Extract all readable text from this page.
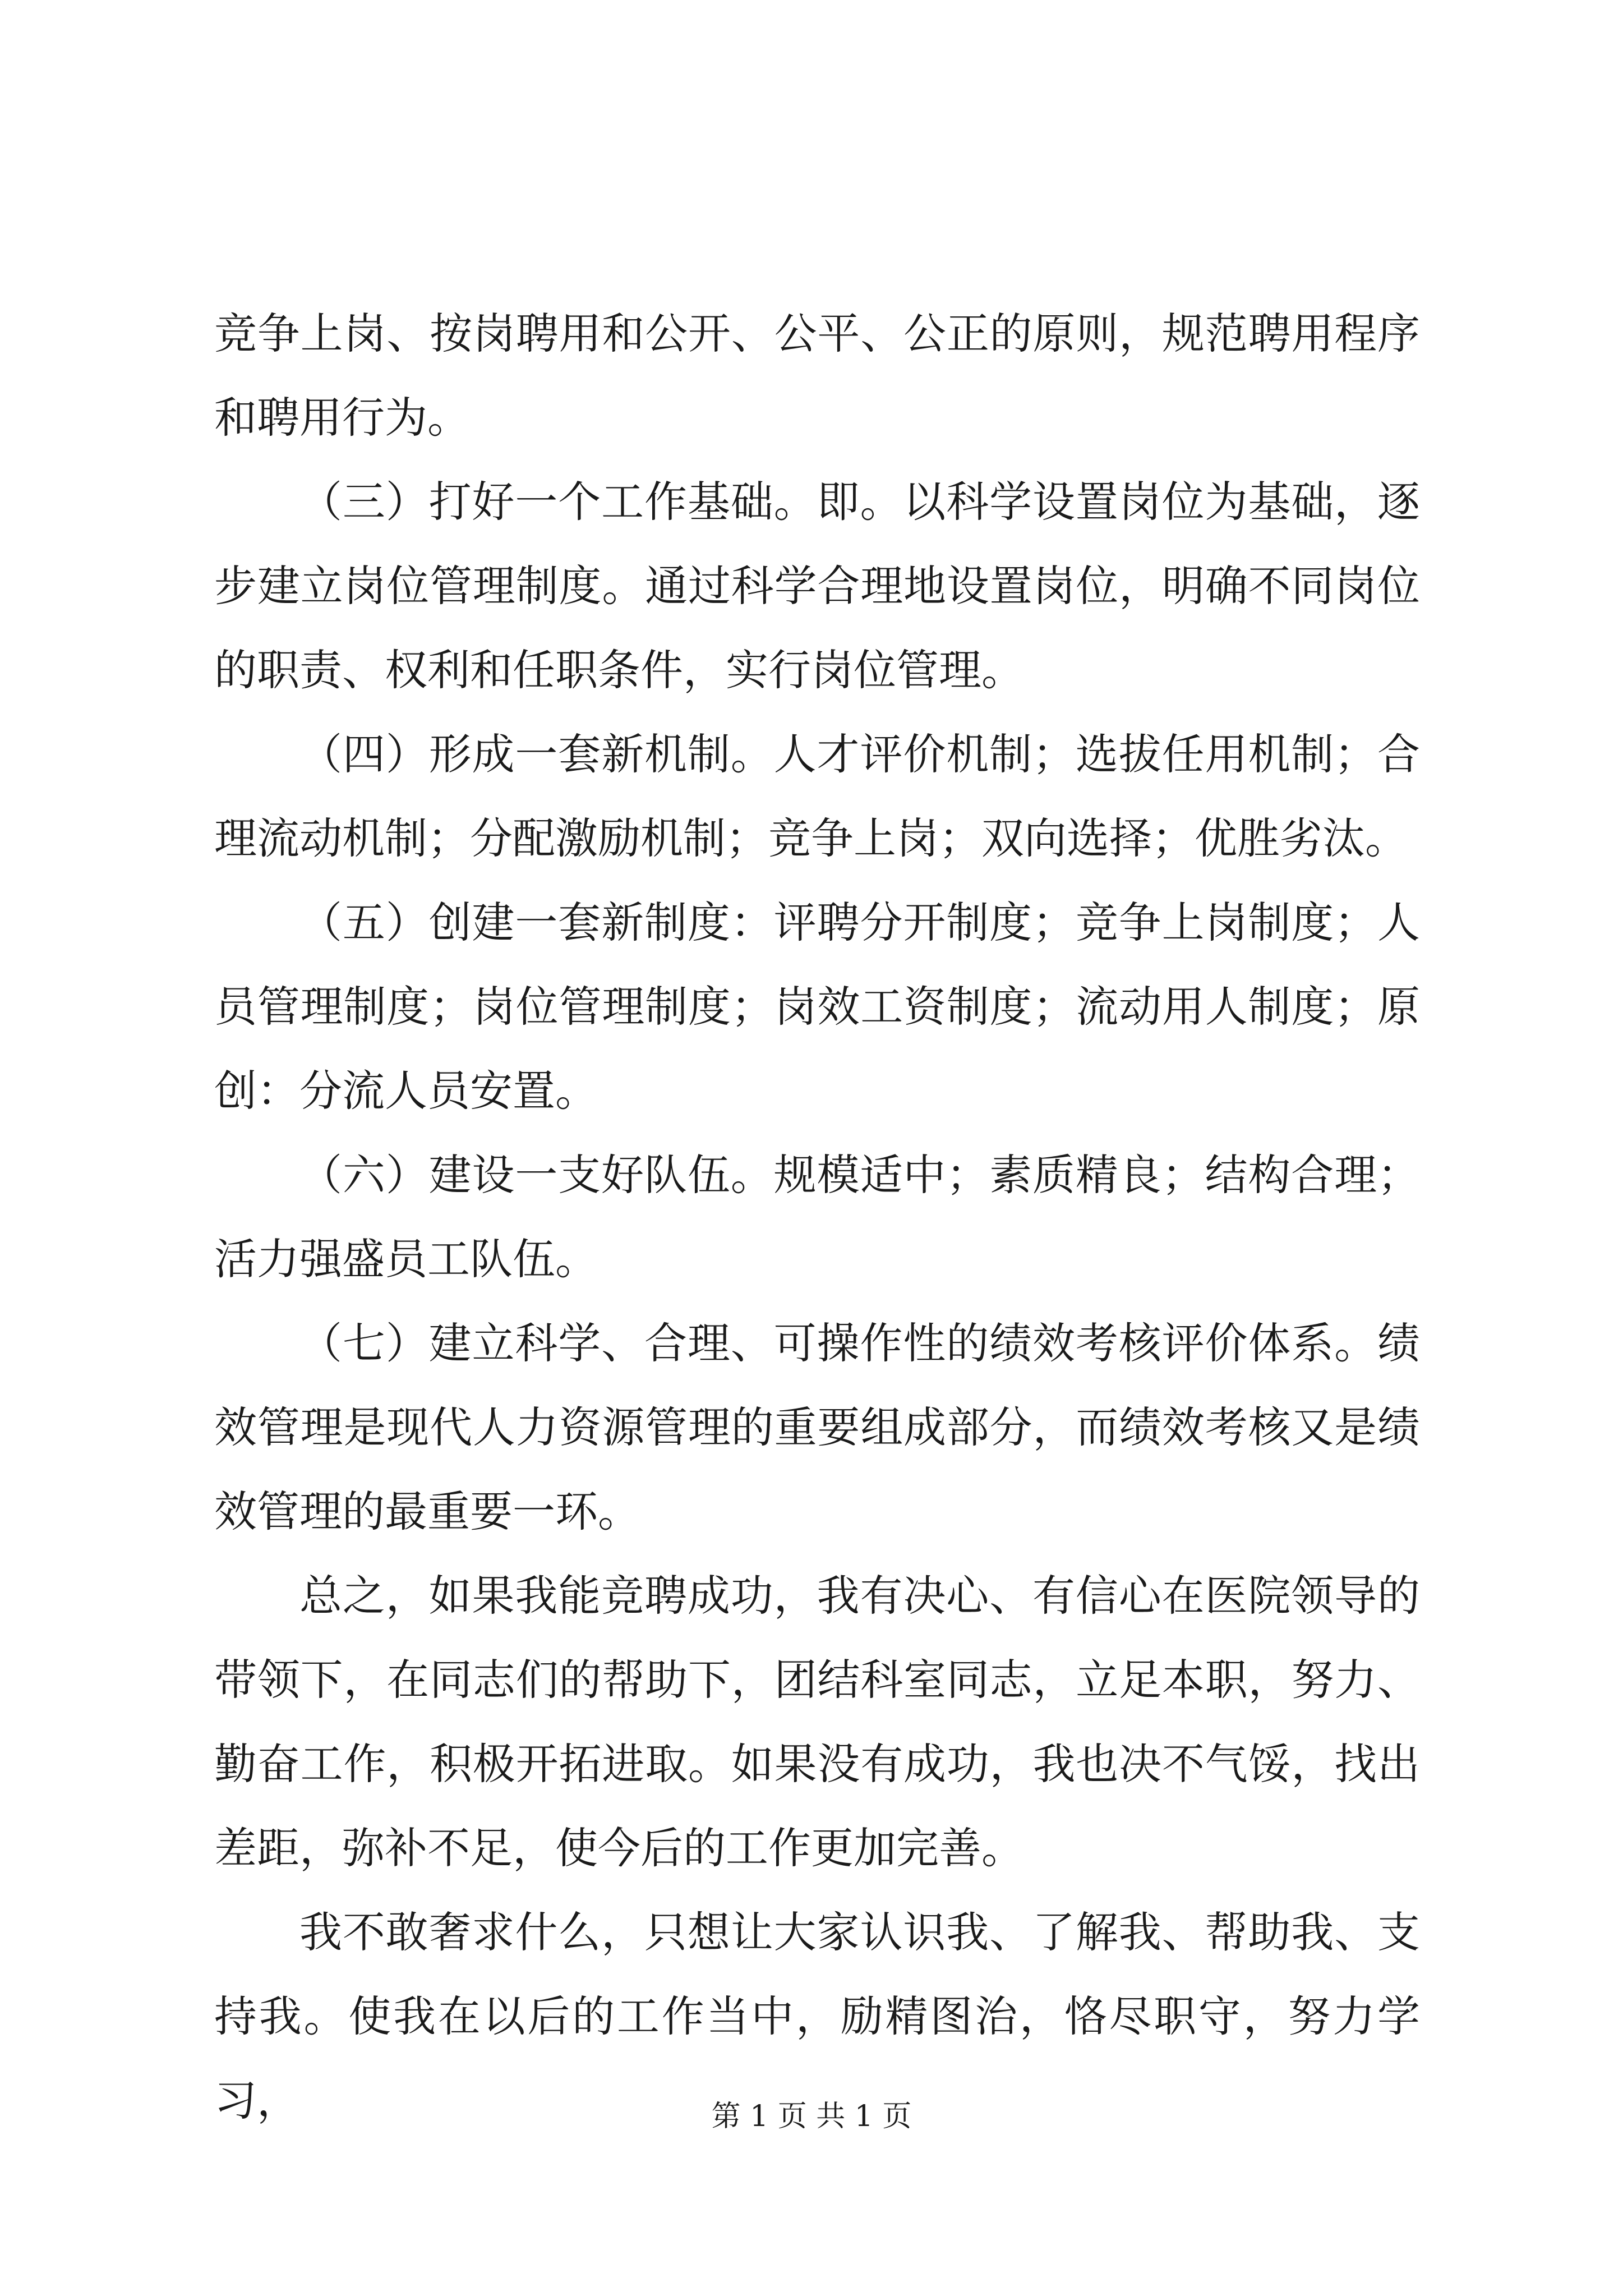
竞争上岗、按岗聘用和公开、公平、公正的原则，规范聘用程序和聘用行为。

（三）打好一个工作基础。即。以科学设置岗位为基础，逐步建立岗位管理制度。通过科学合理地设置岗位，明确不同岗位的职责、权利和任职条件，实行岗位管理。

（四）形成一套新机制。人才评价机制；选拔任用机制；合理流动机制；分配激励机制；竞争上岗；双向选择；优胜劣汰。

（五）创建一套新制度：评聘分开制度；竞争上岗制度；人员管理制度；岗位管理制度；岗效工资制度；流动用人制度；原创：分流人员安置。

（六）建设一支好队伍。规模适中；素质精良；结构合理；活力强盛员工队伍。

（七）建立科学、合理、可操作性的绩效考核评价体系。绩效管理是现代人力资源管理的重要组成部分，而绩效考核又是绩效管理的最重要一环。

总之，如果我能竞聘成功，我有决心、有信心在医院领导的带领下，在同志们的帮助下，团结科室同志，立足本职，努力、勤奋工作，积极开拓进取。如果没有成功，我也决不气馁，找出差距，弥补不足，使今后的工作更加完善。

我不敢奢求什么，只想让大家认识我、了解我、帮助我、支持我。使我在以后的工作当中，励精图治，恪尽职守，努力学习，	第 1 页 共 1 页
